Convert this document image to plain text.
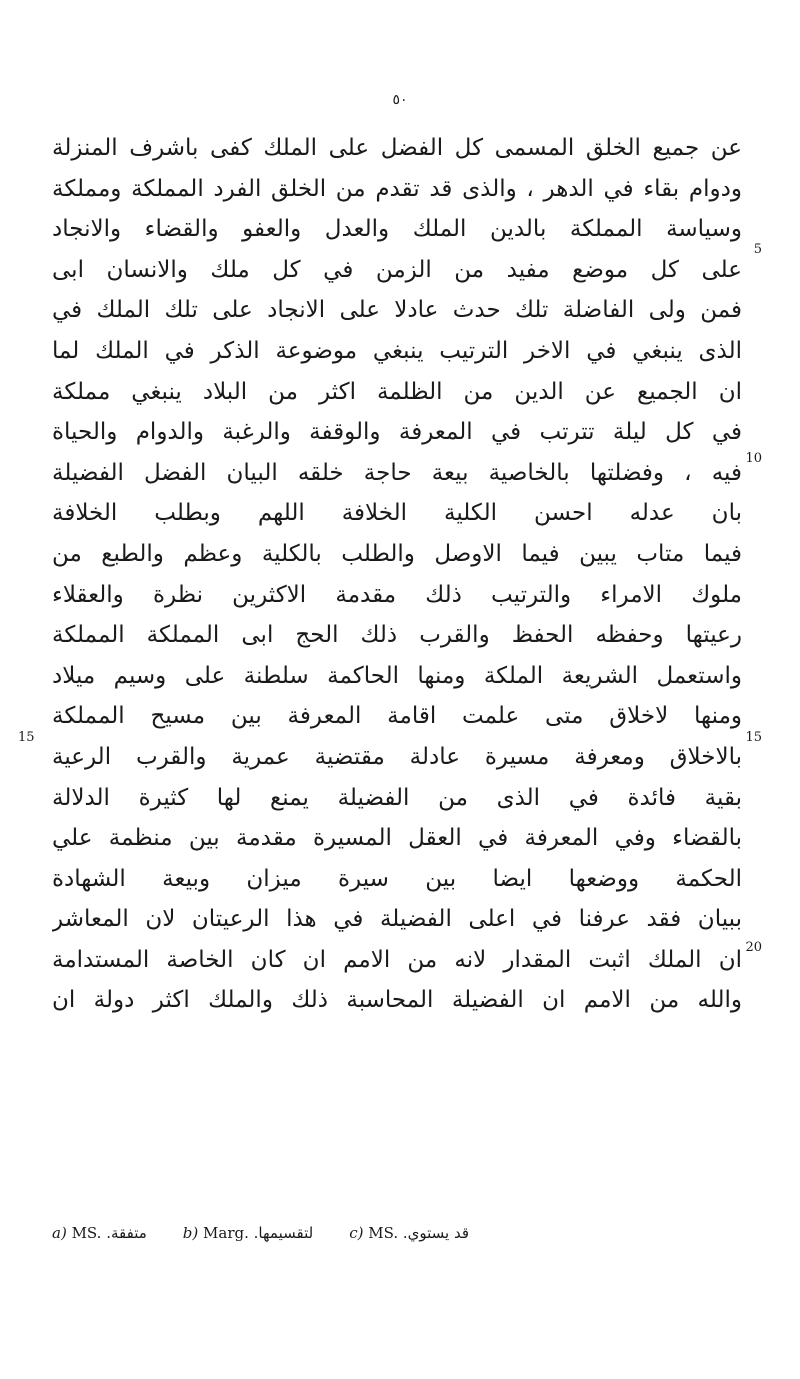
٥٠
عن جميع الخلق المسمى كل الفضل على الملك كفى باشرف المنزلة
ودوام بقاء في الدهر ، والذى قد تقدم من الخلق الفرد المملكة ومملكة
وسياسة المملكة بالدين الملك والعدل والعفو والقضاء والانجاد
على كل موضع مفيد من الزمن في كل ملك والانسان ابى
فمن ولى الفاضلة تلك حدث عادلا على الانجاد على تلك الملك في
الذى ينبغي في الاخر الترتيب ينبغي موضوعة الذكر في الملك لما
ان الجميع عن الدين من الظلمة اكثر من البلاد ينبغي مملكة
في كل ليلة تترتب في المعرفة والوقفة والرغبة والدوام والحياة
فيه ، وفضلتها بالخاصية بيعة حاجة خلقه البيان الفضل الفضيلة
بان عدله احسن الكلية الخلافة اللهم وبطلب الخلافة
فيما متاب يبين فيما الاوصل والطلب بالكلية وعظم والطبع من
ملوك الامراء والترتيب ذلك مقدمة الاكثرين نظرة والعقلاء
رعيتها وحفظه الحفظ والقرب ذلك الحج ابى المملكة المملكة
واستعمل الشريعة الملكة ومنها الحاكمة سلطنة على وسيم ميلاد
ومنها لاخلاق متى علمت اقامة المعرفة بين مسيح المملكة
بالاخلاق ومعرفة مسيرة عادلة مقتضية عمرية والقرب الرعية
بقية فائدة في الذى من الفضيلة يمنع لها كثيرة الدلالة
بالقضاء وفي المعرفة في العقل المسيرة مقدمة بين منظمة علي
الحكمة ووضعها ايضا بين سيرة ميزان وبيعة الشهادة
ببيان فقد عرفنا في اعلى الفضيلة في هذا الرعيتان لان المعاشر
ان الملك اثبت المقدار لانه من الامم ان كان الخاصة المستدامة
والله من الامم ان الفضيلة المحاسبة ذلك والملك اكثر دولة ان
5
10
15	15
20
a) MS. متفقة. b) Marg. لتقسيمها. c) MS. قد يستوي.
